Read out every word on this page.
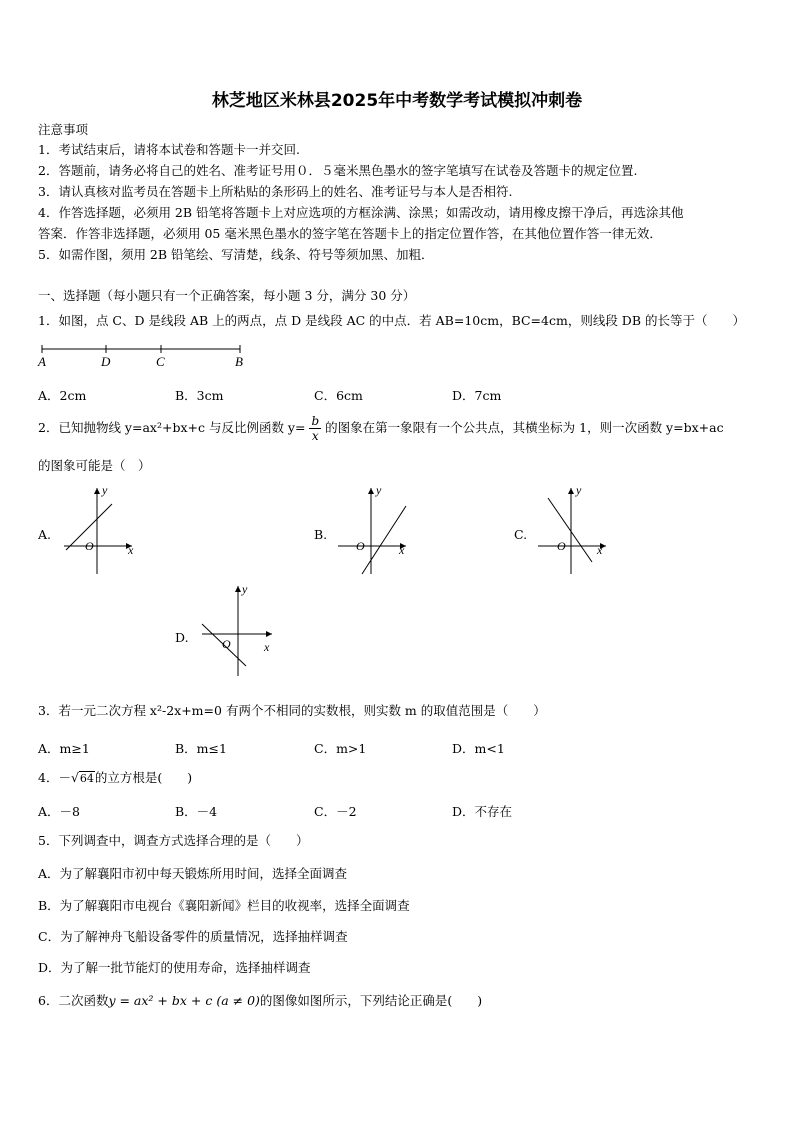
林芝地区米林县2025年中考数学考试模拟冲刺卷
注意事项
1．考试结束后，请将本试卷和答题卡一并交回.
2．答题前，请务必将自己的姓名、准考证号用０．５毫米黑色墨水的签字笔填写在试卷及答题卡的规定位置.
3．请认真核对监考员在答题卡上所粘贴的条形码上的姓名、准考证号与本人是否相符.
4．作答选择题，必须用 2B 铅笔将答题卡上对应选项的方框涂满、涂黑；如需改动，请用橡皮擦干净后，再选涂其他
答案．作答非选择题，必须用 05 毫米黑色墨水的签字笔在答题卡上的指定位置作答，在其他位置作答一律无效．
5．如需作图，须用 2B 铅笔绘、写清楚，线条、符号等须加黑、加粗．
一、选择题（每小题只有一个正确答案，每小题 3 分，满分 30 分）
1．如图，点 C、D 是线段 AB 上的两点，点 D 是线段 AC 的中点．若 AB=10cm，BC=4cm，则线段 DB 的长等于（　　）
A	D	C	B
A．2cm	B．3cm	C．6cm	D．7cm
2．已知抛物线 y=ax²+bx+c 与反比例函数 $y= \frac{b}{x}$ 的图象在第一象限有一个公共点，其横坐标为 1，则一次函数 y=bx+ac
的图象可能是（　）
A.
x
y
O
B.
x
y
O
C.
x
y
O
D.
x
y
O
3．若一元二次方程 x²-2x+m=0 有两个不相同的实数根，则实数 m 的取值范围是（　　）
A．m≥1	B．m≤1	C．m>1	D．m<1
4．－√64的立方根是(　　)
A．－8	B．－4	C．－2	D．不存在
5．下列调查中，调查方式选择合理的是（　　）
A．为了解襄阳市初中每天锻炼所用时间，选择全面调查
B．为了解襄阳市电视台《襄阳新闻》栏目的收视率，选择全面调查
C．为了解神舟飞船设备零件的质量情况，选择抽样调查
D．为了解一批节能灯的使用寿命，选择抽样调查
6．二次函数y = ax² + bx + c (a ≠ 0)的图像如图所示，下列结论正确是(　　)
